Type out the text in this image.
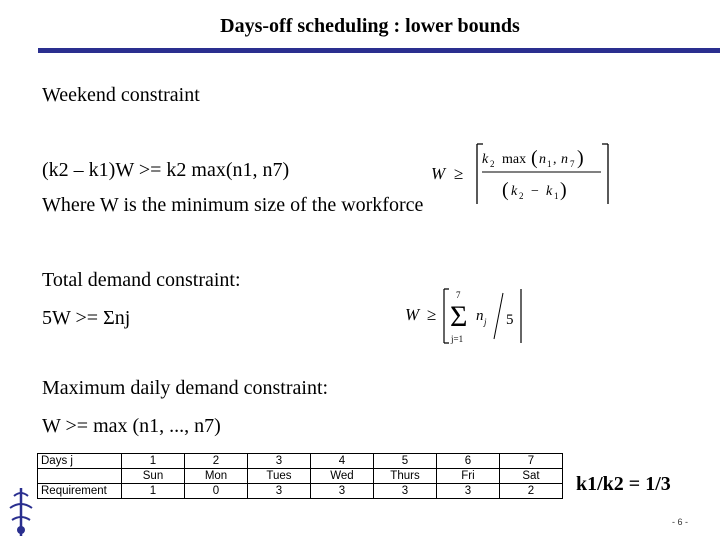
Days-off scheduling : lower bounds
Weekend constraint
(k2 – k1)W >= k2 max(n1, n7)
Where W is the minimum size of the workforce
W ≥
k 2 max ( n 1 , n 7 )
( k 2 − k 1 )
Total demand constraint:
5W >= Σnj	W ≥
7
Σ
j=1
n j 5
Maximum daily demand constraint:
W >= max (n1, ..., n7)
Days j	1	2	3	4	5	6	7
	Sun	Mon	Tues	Wed	Thurs	Fri	Sat
Requirement	1	0	3	3	3	3	2 k1/k2 = 1/3
- 6 -
